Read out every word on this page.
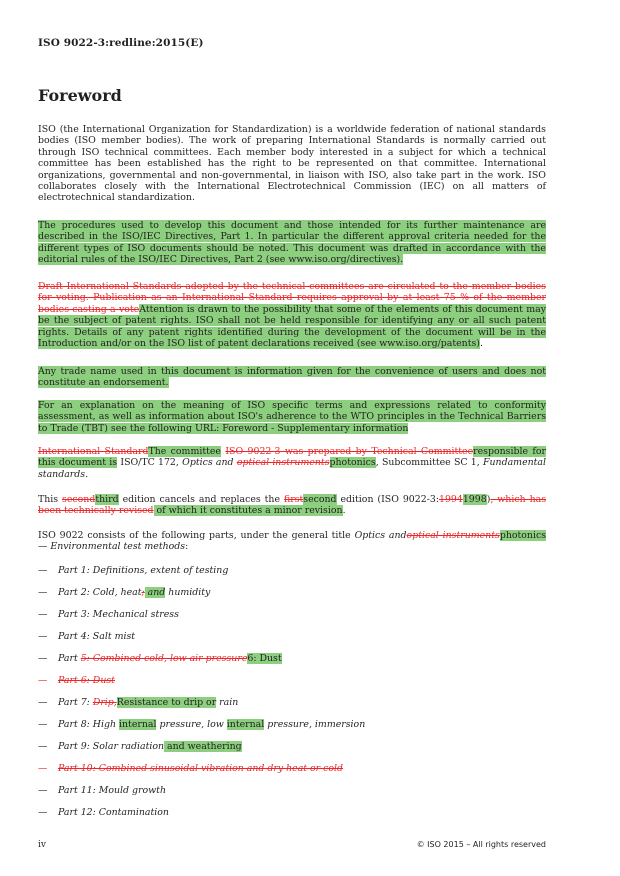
ISO 9022-3:redline:2015(E)
Foreword

ISO (the International Organization for Standardization) is a worldwide federation of national standards bodies (ISO member bodies). The work of preparing International Standards is normally carried out through ISO technical committees. Each member body interested in a subject for which a technical committee has been established has the right to be represented on that committee. International organizations, governmental and non-governmental, in liaison with ISO, also take part in the work. ISO collaborates closely with the International Electrotechnical Commission (IEC) on all matters of electrotechnical standardization.

The procedures used to develop this document and those intended for its further maintenance are described in the ISO/IEC Directives, Part 1. In particular the different approval criteria needed for the different types of ISO documents should be noted. This document was drafted in accordance with the editorial rules of the ISO/IEC Directives, Part 2 (see www.iso.org/directives).

Draft International Standards adopted by the technical committees are circulated to the member bodies for voting. Publication as an International Standard requires approval by at least 75 % of the member bodies casting a voteAttention is drawn to the possibility that some of the elements of this document may be the subject of patent rights. ISO shall not be held responsible for identifying any or all such patent rights. Details of any patent rights identified during the development of the document will be in the Introduction and/or on the ISO list of patent declarations received (see www.iso.org/patents).

Any trade name used in this document is information given for the convenience of users and does not constitute an endorsement.

For an explanation on the meaning of ISO specific terms and expressions related to conformity assessment, as well as information about ISO's adherence to the WTO principles in the Technical Barriers to Trade (TBT) see the following URL: Foreword - Supplementary information

International StandardThe committee ISO 9022-3 was prepared by Technical Committeeresponsible for this document is ISO/TC 172, Optics and optical instrumentsphotonics, Subcommittee SC 1, Fundamental standards.

This secondthird edition cancels and replaces the firstsecond edition (ISO 9022-3:19941998), which has been technically revised of which it constitutes a minor revision.

ISO 9022 consists of the following parts, under the general title Optics andoptical instrumentsphotonics — Environmental test methods:

— Part 1: Definitions, extent of testing
— Part 2: Cold, heat; and humidity
— Part 3: Mechanical stress
— Part 4: Salt mist
— Part 5: Combined cold, low air pressure6: Dust
— Part 6: Dust
— Part 7: Drip,Resistance to drip or rain
— Part 8: High internal pressure, low internal pressure, immersion
— Part 9: Solar radiation and weathering
— Part 10: Combined sinusoidal vibration and dry heat or cold
— Part 11: Mould growth
— Part 12: Contamination
iv	© ISO 2015 – All rights reserved
